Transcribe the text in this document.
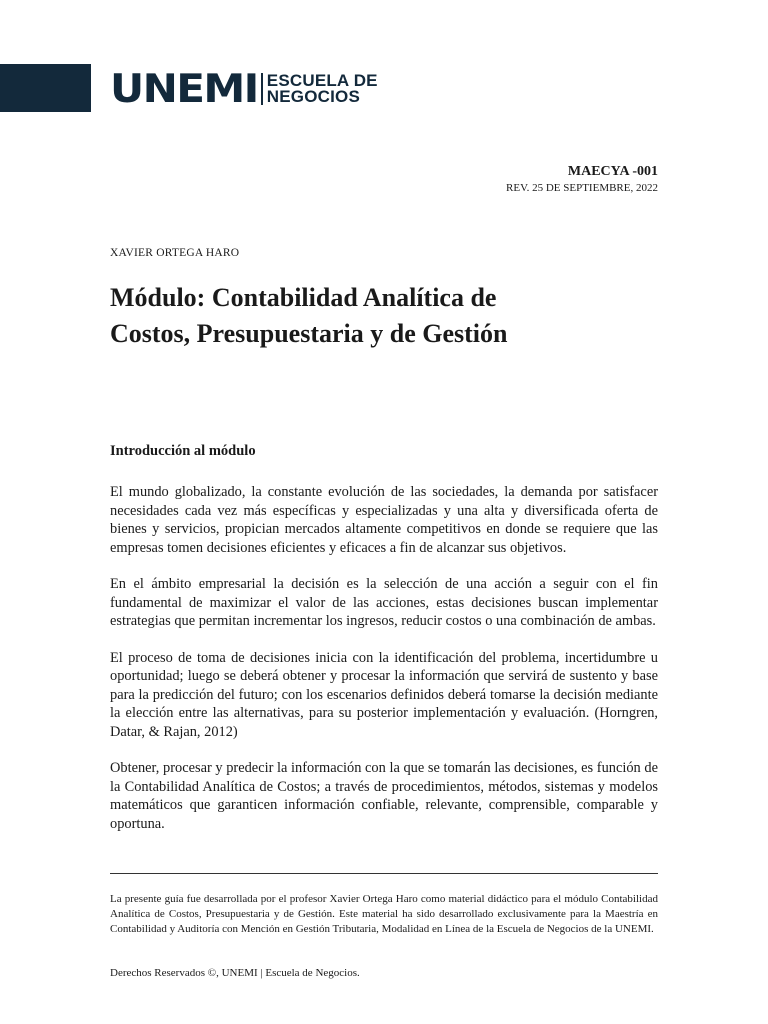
UNEMI ESCUELA DE
NEGOCIOS
MAECYA -001
REV. 25 DE SEPTIEMBRE, 2022
XAVIER ORTEGA HARO
Módulo: Contabilidad Analítica de
Costos, Presupuestaria y de Gestión
Introducción al módulo

El mundo globalizado, la constante evolución de las sociedades, la demanda por satisfacer necesidades cada vez más específicas y especializadas y una alta y diversificada oferta de bienes y servicios, propician mercados altamente competitivos en donde se requiere que las empresas tomen decisiones eficientes y eficaces a fin de alcanzar sus objetivos.

En el ámbito empresarial la decisión es la selección de una acción a seguir con el fin fundamental de maximizar el valor de las acciones, estas decisiones buscan implementar estrategias que permitan incrementar los ingresos, reducir costos o una combinación de ambas.

El proceso de toma de decisiones inicia con la identificación del problema, incertidumbre u oportunidad; luego se deberá obtener y procesar la información que servirá de sustento y base para la predicción del futuro; con los escenarios definidos deberá tomarse la decisión mediante la elección entre las alternativas, para su posterior implementación y evaluación. (Horngren, Datar, & Rajan, 2012)

Obtener, procesar y predecir la información con la que se tomarán las decisiones, es función de la Contabilidad Analítica de Costos; a través de procedimientos, métodos, sistemas y modelos matemáticos que garanticen información confiable, relevante, comprensible, comparable y oportuna.

La presente guía fue desarrollada por el profesor Xavier Ortega Haro como material didáctico para el módulo Contabilidad Analítica de Costos, Presupuestaria y de Gestión. Este material ha sido desarrollado exclusivamente para la Maestría en Contabilidad y Auditoría con Mención en Gestión Tributaria, Modalidad en Línea de la Escuela de Negocios de la UNEMI.

Derechos Reservados ©, UNEMI | Escuela de Negocios.
